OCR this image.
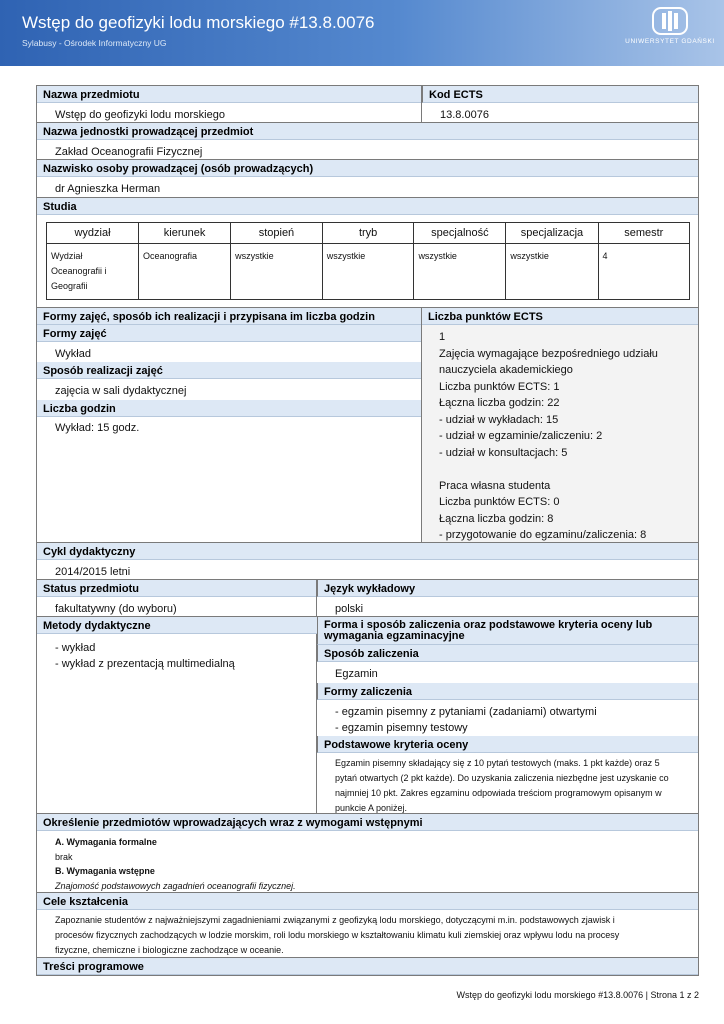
Wstęp do geofizyki lodu morskiego #13.8.0076
Sylabusy - Ośrodek Informatyczny UG	UNIWERSYTET GDAŃSKI
Nazwa przedmiotu	Kod ECTS
Wstęp do geofizyki lodu morskiego	13.8.0076
Nazwa jednostki prowadzącej przedmiot
Zakład Oceanografii Fizycznej
Nazwisko osoby prowadzącej (osób prowadzących)
dr Agnieszka Herman
Studia
wydział	kierunek	stopień	tryb	specjalność	specjalizacja	semestr
Wydział Oceanografii i Geografii	Oceanografia	wszystkie	wszystkie	wszystkie	wszystkie	4
Formy zajęć, sposób ich realizacji i przypisana im liczba godzin	Liczba punktów ECTS
Formy zajęć
Wykład
Sposób realizacji zajęć
zajęcia w sali dydaktycznej
Liczba godzin
Wykład: 15 godz.
1
Zajęcia wymagające bezpośredniego udziału
nauczyciela akademickiego
Liczba punktów ECTS: 1
Łączna liczba godzin: 22
- udział w wykładach: 15
- udział w egzaminie/zaliczeniu: 2
- udział w konsultacjach: 5

Praca własna studenta
Liczba punktów ECTS: 0
Łączna liczba godzin: 8
- przygotowanie do egzaminu/zaliczenia: 8
Cykl dydaktyczny
2014/2015 letni
Status przedmiotu	Język wykładowy
fakultatywny (do wyboru)	polski
Metody dydaktyczne
- wykład
- wykład z prezentacją multimedialną
Forma i sposób zaliczenia oraz podstawowe kryteria oceny lub wymagania egzaminacyjne
Sposób zaliczenia
Egzamin
Formy zaliczenia
- egzamin pisemny z pytaniami (zadaniami) otwartymi
- egzamin pisemny testowy
Podstawowe kryteria oceny
Egzamin pisemny składający się z 10 pytań testowych (maks. 1 pkt każde) oraz 5
pytań otwartych (2 pkt każde). Do uzyskania zaliczenia niezbędne jest uzyskanie co
najmniej 10 pkt. Zakres egzaminu odpowiada treściom programowym opisanym w
punkcie A poniżej.
Określenie przedmiotów wprowadzających wraz z wymogami wstępnymi
A. Wymagania formalne
brak
B. Wymagania wstępne
Znajomość podstawowych zagadnień oceanografii fizycznej.
Cele kształcenia
Zapoznanie studentów z najważniejszymi zagadnieniami związanymi z geofizyką lodu morskiego, dotyczącymi m.in. podstawowych zjawisk i
procesów fizycznych zachodzących w lodzie morskim, roli lodu morskiego w kształtowaniu klimatu kuli ziemskiej oraz wpływu lodu na procesy
fizyczne, chemiczne i biologiczne zachodzące w oceanie.
Treści programowe
Wstęp do geofizyki lodu morskiego #13.8.0076 | Strona 1 z 2
